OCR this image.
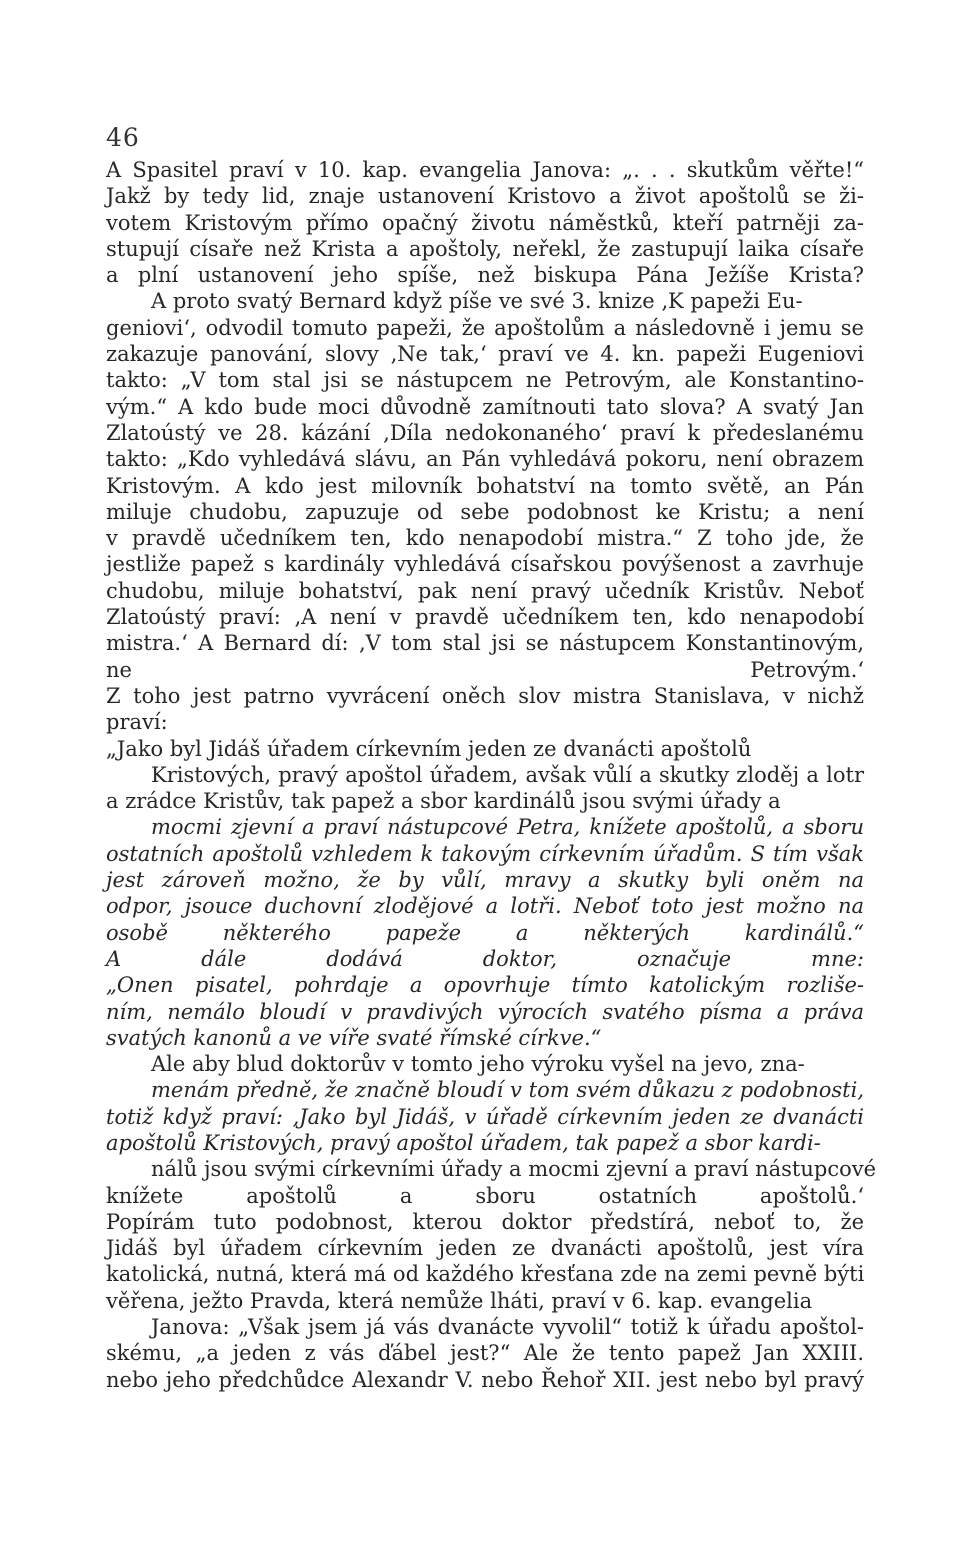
46
A Spasitel praví v 10. kap. evangelia Janova: „. . . skutkům věřte!“
Jakž by tedy lid, znaje ustanovení Kristovo a život apoštolů se ži-
votem Kristovým přímo opačný životu náměstků, kteří patrněji za-
stupují císaře než Krista a apoštoly, neřekl, že zastupují laika císaře
a plní ustanovení jeho spíše, než biskupa Pána Ježíše Krista?
A proto svatý Bernard když píše ve své 3. knize ‚K papeži Eu-
geniovi‘, odvodil tomuto papeži, že apoštolům a následovně i jemu se
zakazuje panování, slovy ‚Ne tak,‘ praví ve 4. kn. papeži Eugeniovi
takto: „V tom stal jsi se nástupcem ne Petrovým, ale Konstantino-
vým.“ A kdo bude moci důvodně zamítnouti tato slova? A svatý Jan
Zlatoústý ve 28. kázání ‚Díla nedokonaného‘ praví k předeslanému
takto: „Kdo vyhledává slávu, an Pán vyhledává pokoru, není obrazem
Kristovým. A kdo jest milovník bohatství na tomto světě, an Pán
miluje chudobu, zapuzuje od sebe podobnost ke Kristu; a není
v pravdě učedníkem ten, kdo nenapodobí mistra.“ Z toho jde, že
jestliže papež s kardinály vyhledává císařskou povýšenost a zavrhuje
chudobu, miluje bohatství, pak není pravý učedník Kristův. Neboť
Zlatoústý praví: ‚A není v pravdě učedníkem ten, kdo nenapodobí
mistra.‘ A Bernard dí: ‚V tom stal jsi se nástupcem Konstantinovým,
ne Petrovým.‘
Z toho jest patrno vyvrácení oněch slov mistra Stanislava, v nichž
praví:
„Jako byl Jidáš úřadem církevním jeden ze dvanácti apoštolů
Kristových, pravý apoštol úřadem, avšak vůlí a skutky zloděj a lotr
a zrádce Kristův, tak papež a sbor kardinálů jsou svými úřady a
mocmi zjevní a praví nástupcové Petra, knížete apoštolů, a sboru
ostatních apoštolů vzhledem k takovým církevním úřadům. S tím však
jest zároveň možno, že by vůlí, mravy a skutky byli oněm na
odpor, jsouce duchovní zlodějové a lotři. Neboť toto jest možno na
osobě některého papeže a některých kardinálů.“
A dále dodává doktor, označuje mne:
„Onen pisatel, pohrdaje a opovrhuje tímto katolickým rozliše-
ním, nemálo bloudí v pravdivých výrocích svatého písma a práva
svatých kanonů a ve víře svaté římské církve.“
Ale aby blud doktorův v tomto jeho výroku vyšel na jevo, zna-
menám předně, že značně bloudí v tom svém důkazu z podobnosti,
totiž když praví: ‚Jako byl Jidáš, v úřadě církevním jeden ze dvanácti
apoštolů Kristových, pravý apoštol úřadem, tak papež a sbor kardi-
nálů jsou svými církevními úřady a mocmi zjevní a praví nástupcové
knížete apoštolů a sboru ostatních apoštolů.‘
Popírám tuto podobnost, kterou doktor předstírá, neboť to, že
Jidáš byl úřadem církevním jeden ze dvanácti apoštolů, jest víra
katolická, nutná, která má od každého křesťana zde na zemi pevně býti
věřena, ježto Pravda, která nemůže lháti, praví v 6. kap. evangelia
Janova: „Však jsem já vás dvanácte vyvolil“ totiž k úřadu apoštol-
skému, „a jeden z vás ďábel jest?“ Ale že tento papež Jan XXIII.
nebo jeho předchůdce Alexandr V. nebo Řehoř XII. jest nebo byl pravý
